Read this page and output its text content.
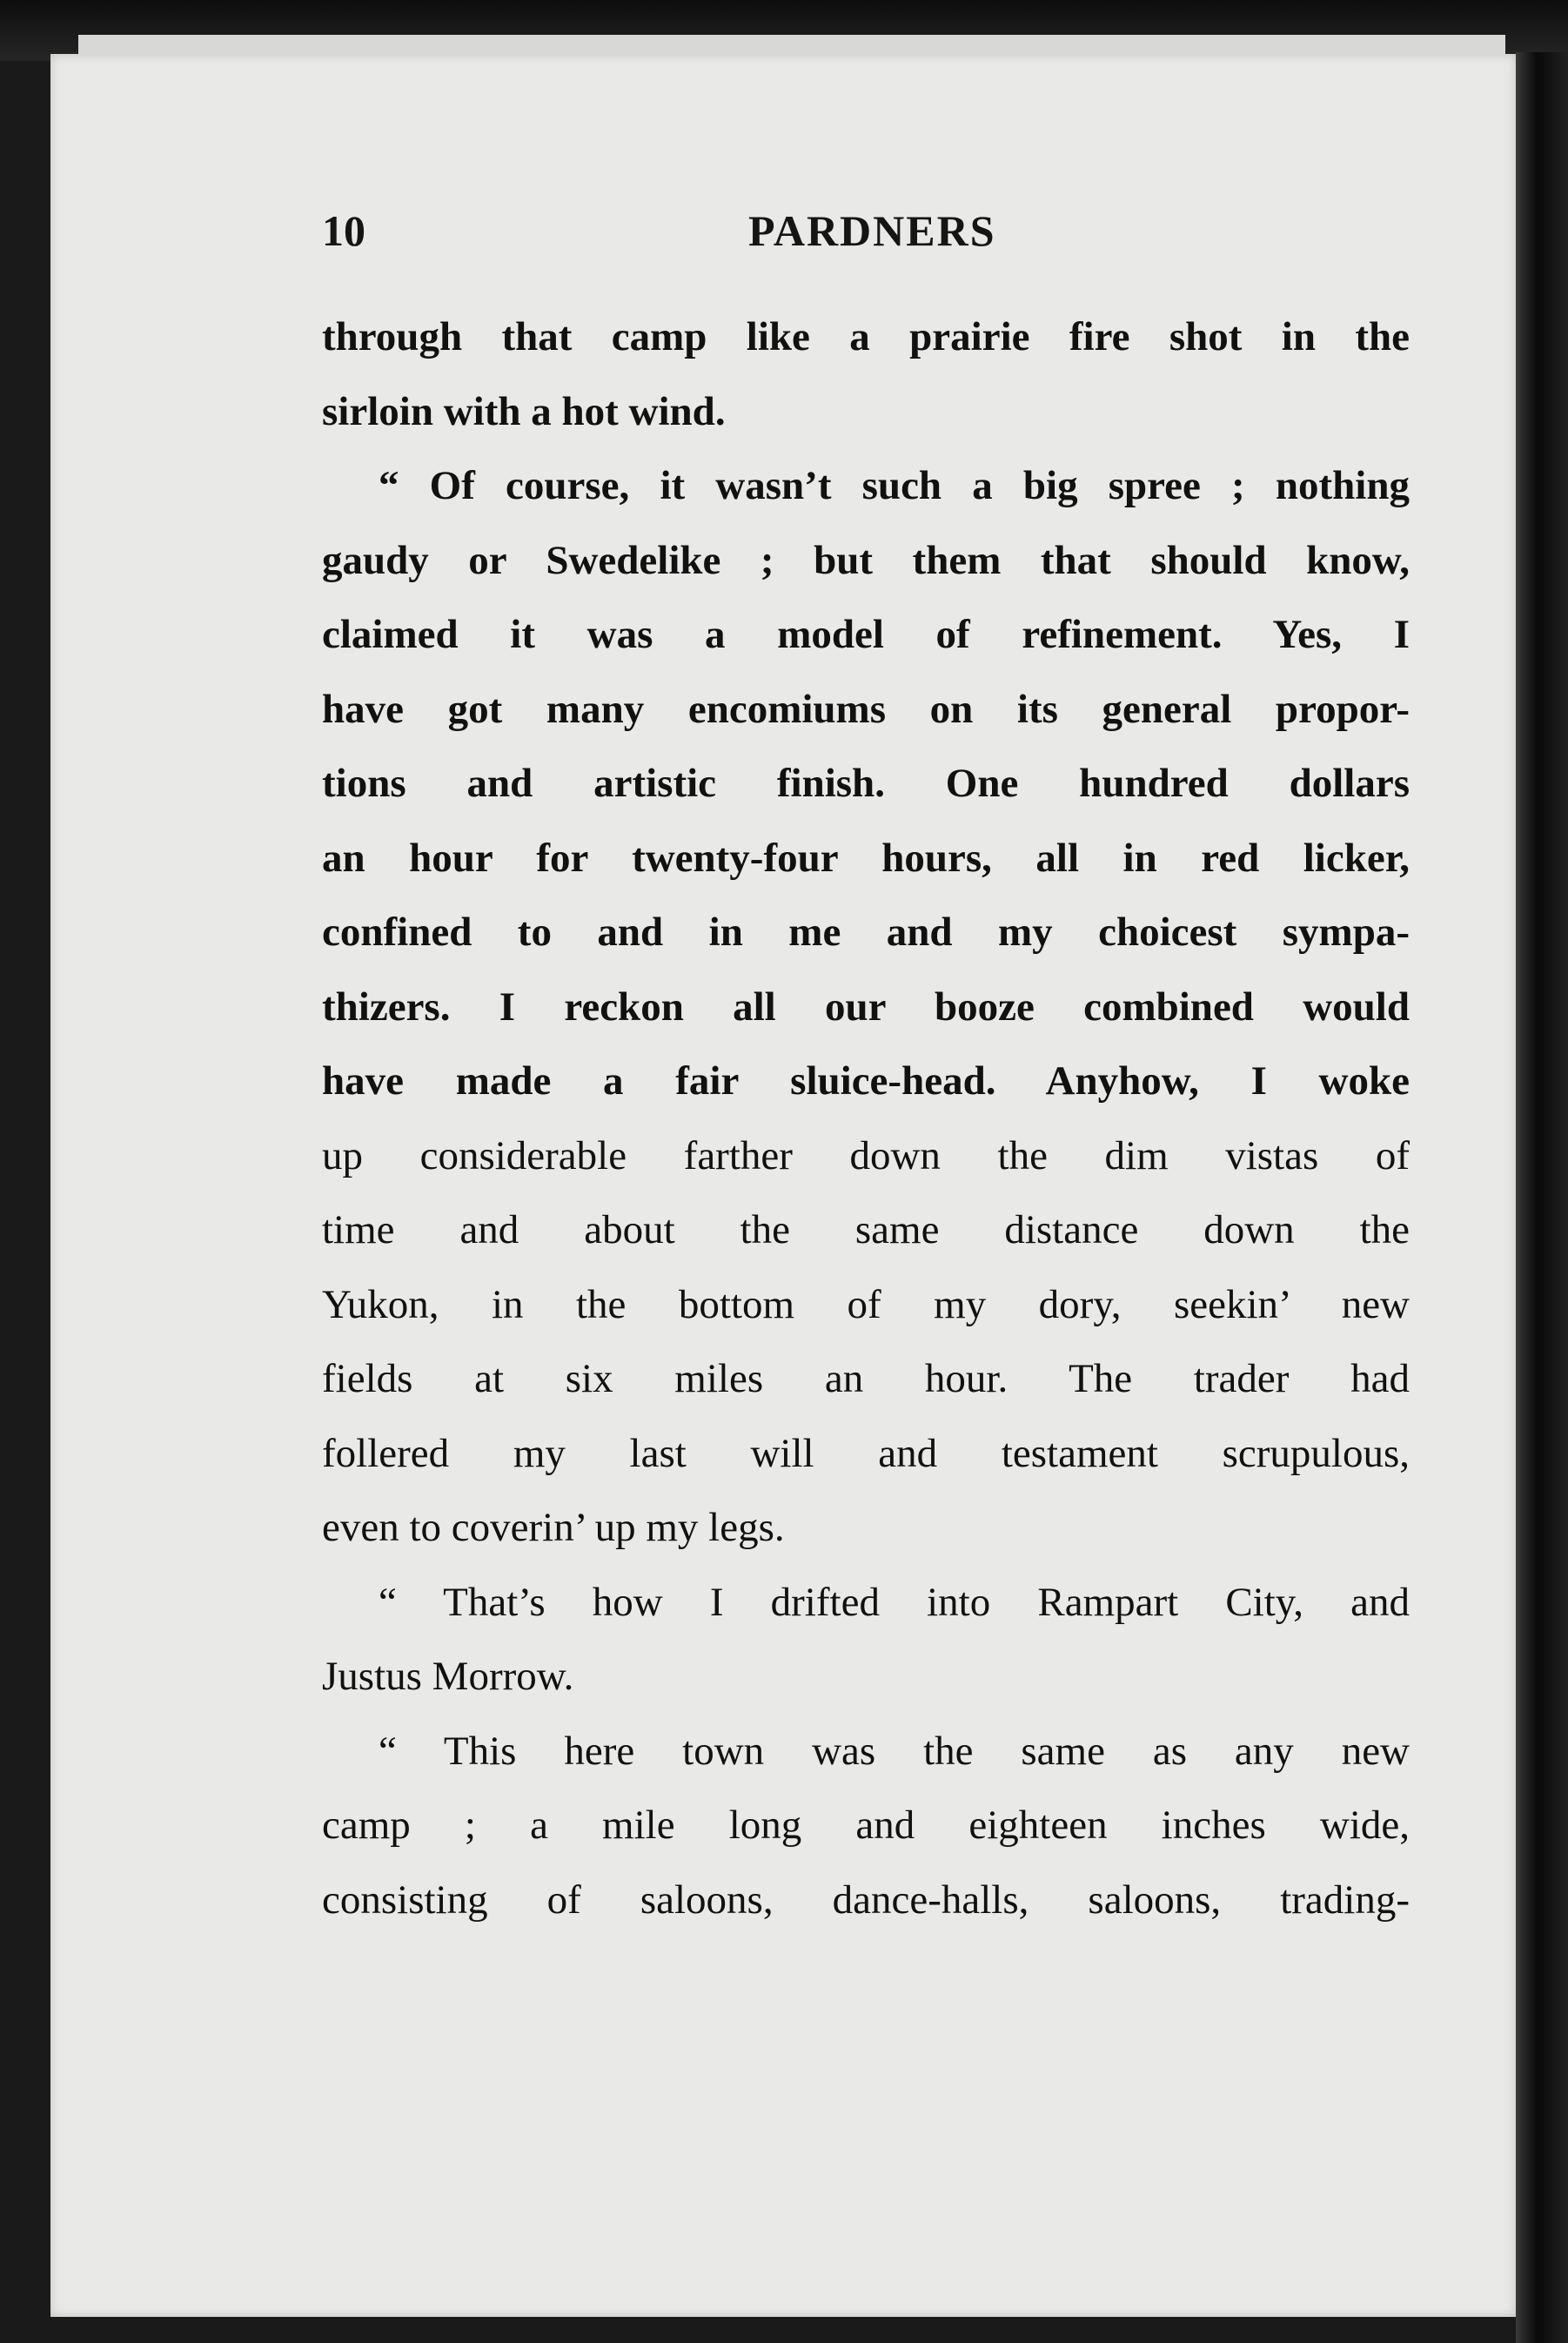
10	PARDNERS
through that camp like a prairie fire shot in the
sirloin with a hot wind.
“ Of course, it wasn’t such a big spree ; nothing
gaudy or Swedelike ; but them that should know,
claimed it was a model of refinement. Yes, I
have got many encomiums on its general propor-
tions and artistic finish. One hundred dollars
an hour for twenty-four hours, all in red licker,
confined to and in me and my choicest sympa-
thizers. I reckon all our booze combined would
have made a fair sluice-head. Anyhow, I woke
up considerable farther down the dim vistas of
time and about the same distance down the
Yukon, in the bottom of my dory, seekin’ new
fields at six miles an hour. The trader had
follered my last will and testament scrupulous,
even to coverin’ up my legs.
“ That’s how I drifted into Rampart City, and
Justus Morrow.
“ This here town was the same as any new
camp ; a mile long and eighteen inches wide,
consisting of saloons, dance-halls, saloons, trading-
